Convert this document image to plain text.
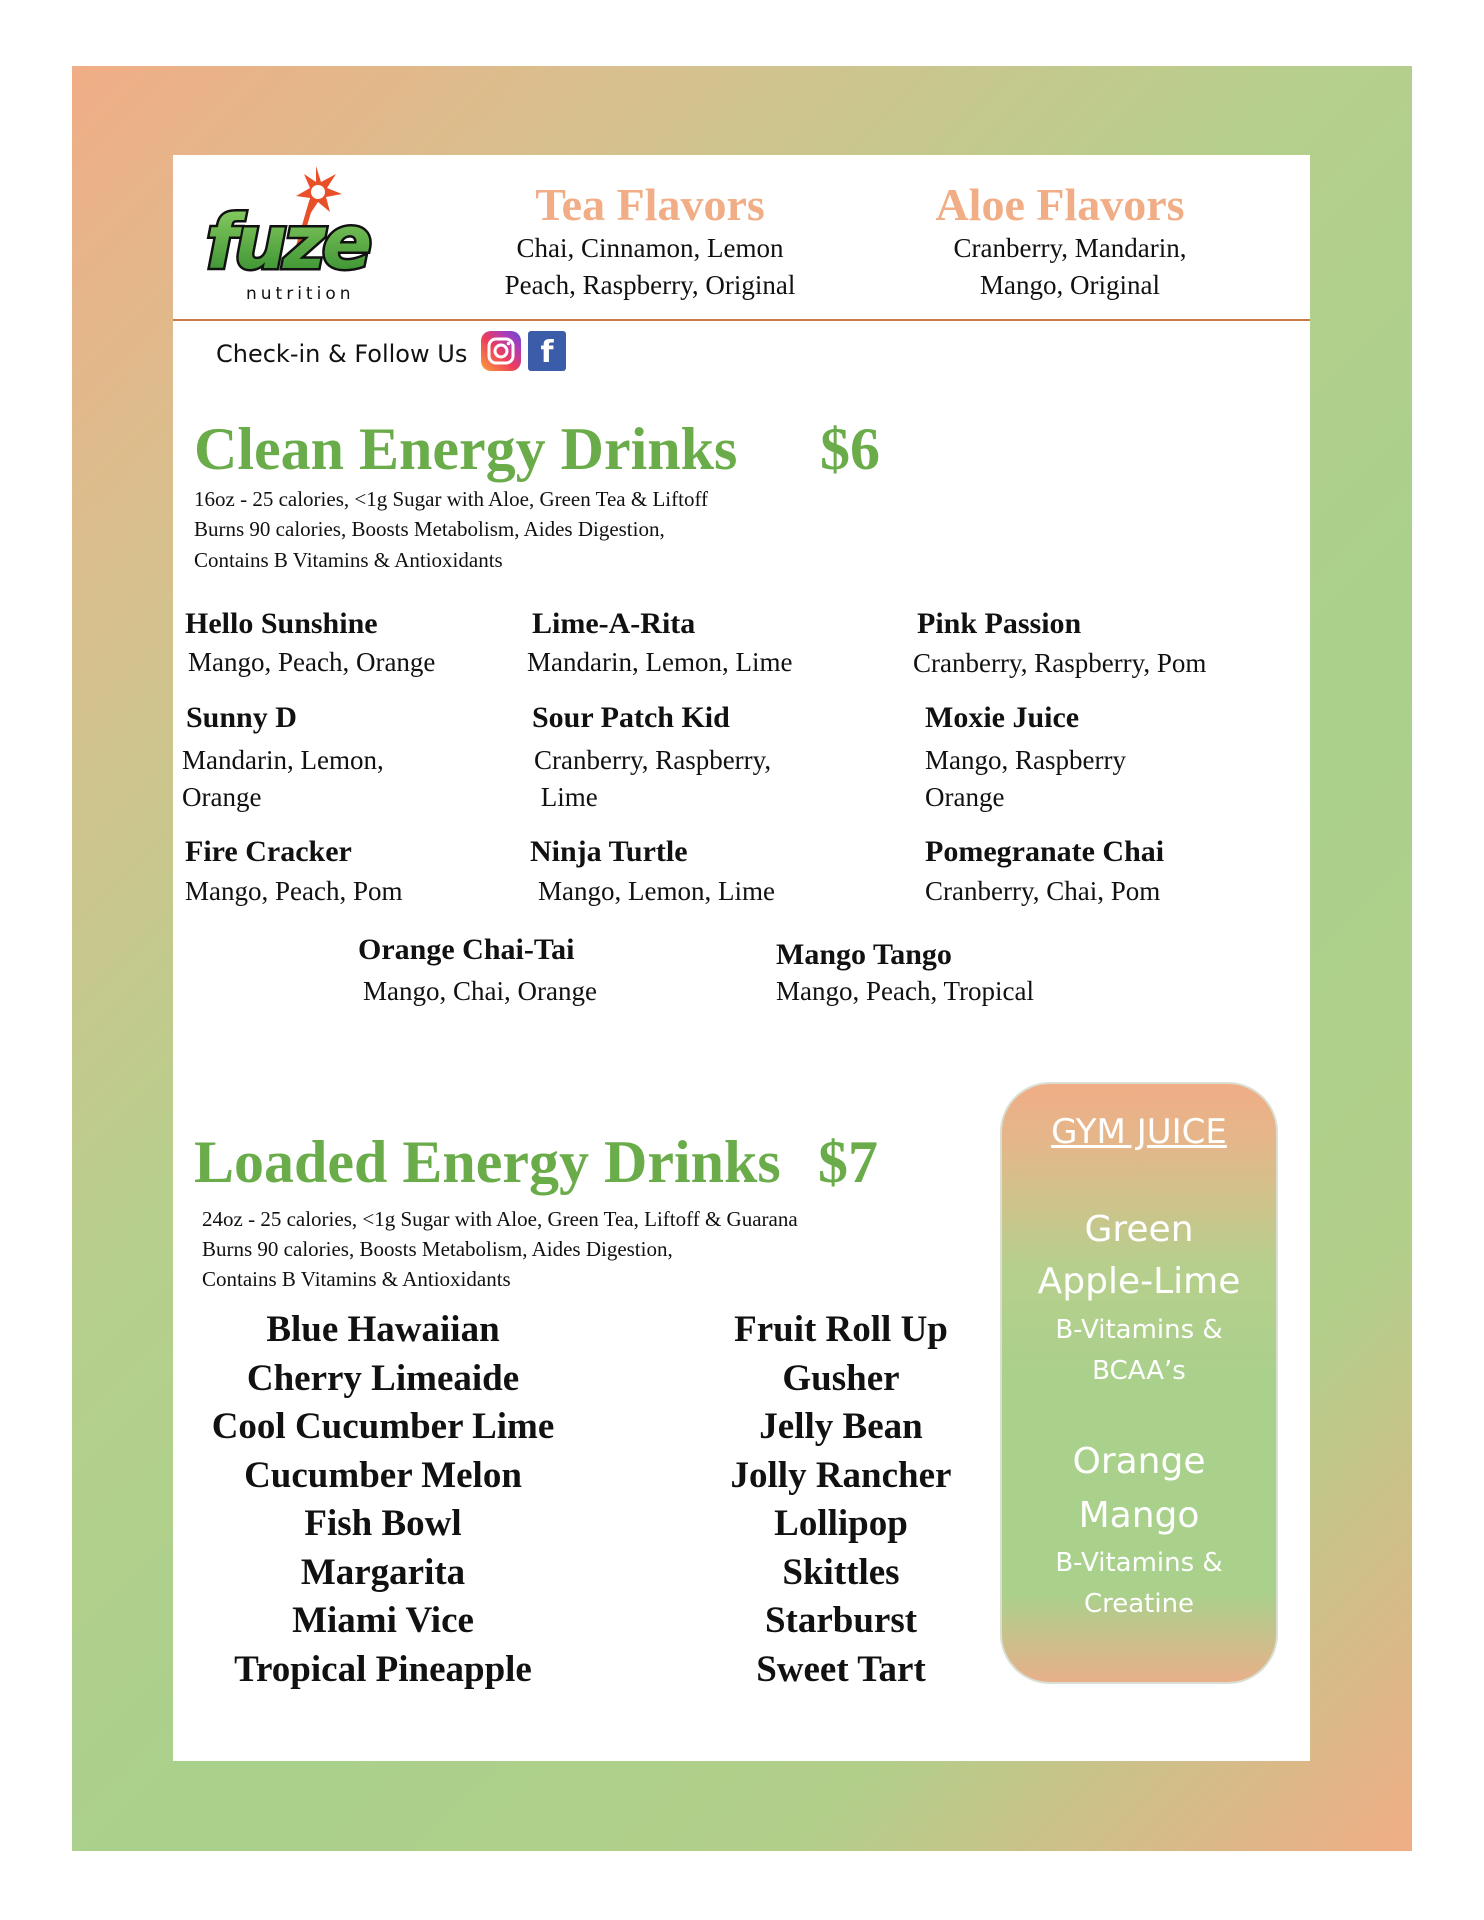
fuze
nutrition
Tea Flavors
Chai, Cinnamon, Lemon
Peach, Raspberry, Original
Aloe Flavors
Cranberry, Mandarin,
Mango, Original
Check-in & Follow Us	f
Clean Energy Drinks $6
16oz - 25 calories, <1g Sugar with Aloe, Green Tea & Liftoff
Burns 90 calories, Boosts Metabolism, Aides Digestion,
Contains B Vitamins & Antioxidants
Hello Sunshine
Mango, Peach, Orange
Lime-A-Rita
Mandarin, Lemon, Lime
Pink Passion
Cranberry, Raspberry, Pom
Sunny D
Mandarin, Lemon,
Orange
Sour Patch Kid
Cranberry, Raspberry,
Lime
Moxie Juice
Mango, Raspberry
Orange
Fire Cracker
Mango, Peach, Pom
Ninja Turtle
Mango, Lemon, Lime
Pomegranate Chai
Cranberry, Chai, Pom
Orange Chai-Tai
Mango, Chai, Orange
Mango Tango
Mango, Peach, Tropical
Loaded Energy Drinks $7
24oz - 25 calories, <1g Sugar with Aloe, Green Tea, Liftoff & Guarana
Burns 90 calories, Boosts Metabolism, Aides Digestion,
Contains B Vitamins & Antioxidants
Blue Hawaiian
Cherry Limeaide
Cool Cucumber Lime
Cucumber Melon
Fish Bowl
Margarita
Miami Vice
Tropical Pineapple
Fruit Roll Up
Gusher
Jelly Bean
Jolly Rancher
Lollipop
Skittles
Starburst
Sweet Tart
GYM JUICE
Green
Apple-Lime
B-Vitamins &
BCAA’s
Orange
Mango
B-Vitamins &
Creatine
